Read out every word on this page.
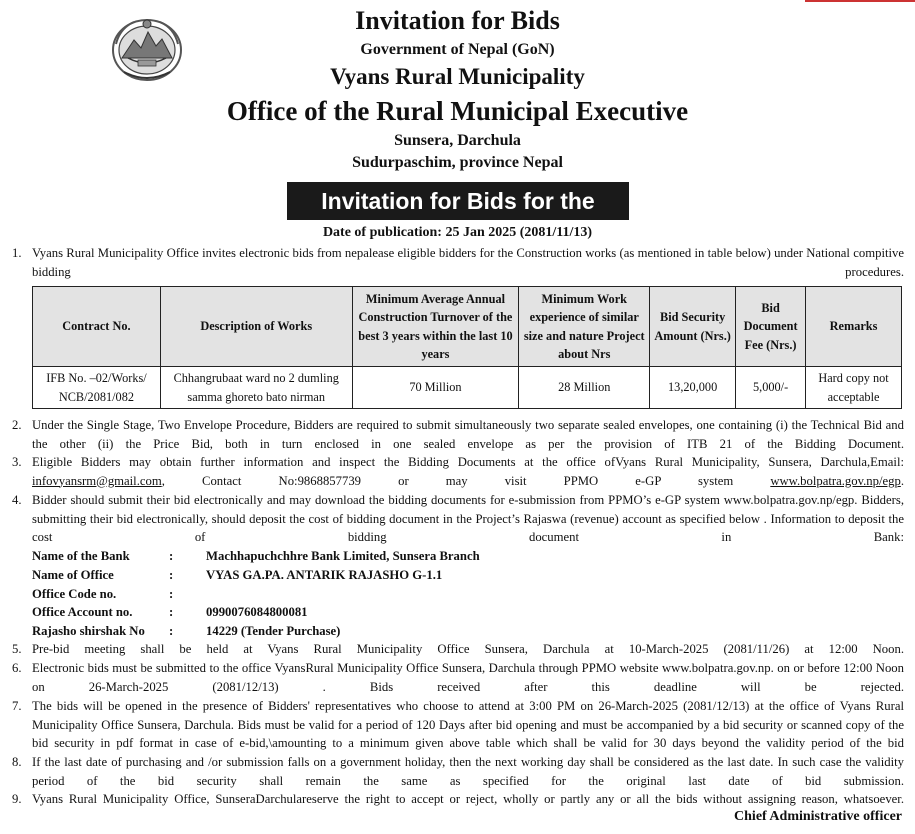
Invitation for Bids
Government of Nepal (GoN)
Vyans Rural Municipality
Office of the Rural Municipal Executive
Sunsera, Darchula
Sudurpaschim, province Nepal
Invitation for Bids for the
Date of publication: 25 Jan 2025 (2081/11/13)
1. Vyans Rural Municipality Office invites electronic bids from nepalease eligible bidders for the Construction works (as mentioned in table below) under National compitive bidding procedures.
Contract No.	Description of Works	Minimum Average Annual Construction Turnover of the best 3 years within the last 10 years	Minimum Work experience of similar size and nature Project about Nrs	Bid Security Amount (Nrs.)	Bid Document Fee (Nrs.)	Remarks
IFB No. –02/Works/ NCB/2081/082	Chhangrubaat ward no 2 dumling samma ghoreto bato nirman	70 Million	28 Million	13,20,000	5,000/-	Hard copy not acceptable
2. Under the Single Stage, Two Envelope Procedure, Bidders are required to submit simultaneously two separate sealed envelopes, one containing (i) the Technical Bid and the other (ii) the Price Bid, both in turn enclosed in one sealed envelope as per the provision of ITB 21 of the Bidding Document.
3. Eligible Bidders may obtain further information and inspect the Bidding Documents at the office ofVyans Rural Municipality, Sunsera, Darchula,Email: infovyansrm@gmail.com, Contact No:9868857739 or may visit PPMO e-GP system	www.bolpatra.gov.np/egp.
4. Bidder should submit their bid electronically and may download the bidding documents for e-submission from PPMO’s e-GP system www.bolpatra.gov.np/egp. Bidders, submitting their bid electronically, should deposit the cost of bidding document in the Project’s Rajaswa (revenue) account as specified below . Information to deposit the cost of bidding document in Bank:
Name of the Bank	:	Machhapuchchhre Bank Limited, Sunsera Branch
Name of Office	:	VYAS GA.PA. ANTARIK RAJASHO G-1.1
Office Code no.	:
Office Account no.	:	0990076084800081
Rajasho shirshak No :	14229 (Tender Purchase)
5. Pre-bid meeting shall be held at Vyans Rural Municipality Office Sunsera, Darchula at 10-March-2025 (2081/11/26) at 12:00 Noon.
6. Electronic bids must be submitted to the office VyansRural Municipality Office Sunsera, Darchula through PPMO website www.bolpatra.gov.np. on or before 12:00 Noon on 26-March-2025 (2081/12/13) . Bids received after this deadline will be rejected.
7. The bids will be opened in the presence of Bidders' representatives who choose to attend at 3:00 PM on 26-March-2025 (2081/12/13) at the office of Vyans Rural Municipality Office Sunsera, Darchula. Bids must be valid for a period of 120 Days after bid opening and must be accompanied by a bid security or scanned copy of the bid security in pdf format in case of e-bid,\amounting to a minimum given above table which shall be valid for 30 days beyond the validity period of the bid
8. If the last date of purchasing and /or submission falls on a government holiday, then the next working day shall be considered as the last date. In such case the validity period of the bid security shall remain the same as specified for the original last date of bid submission.
9. Vyans Rural Municipality Office, SunseraDarchulareserve the right to accept or reject, wholly or partly any or all the bids without assigning reason, whatsoever.
Chief Administrative officer
